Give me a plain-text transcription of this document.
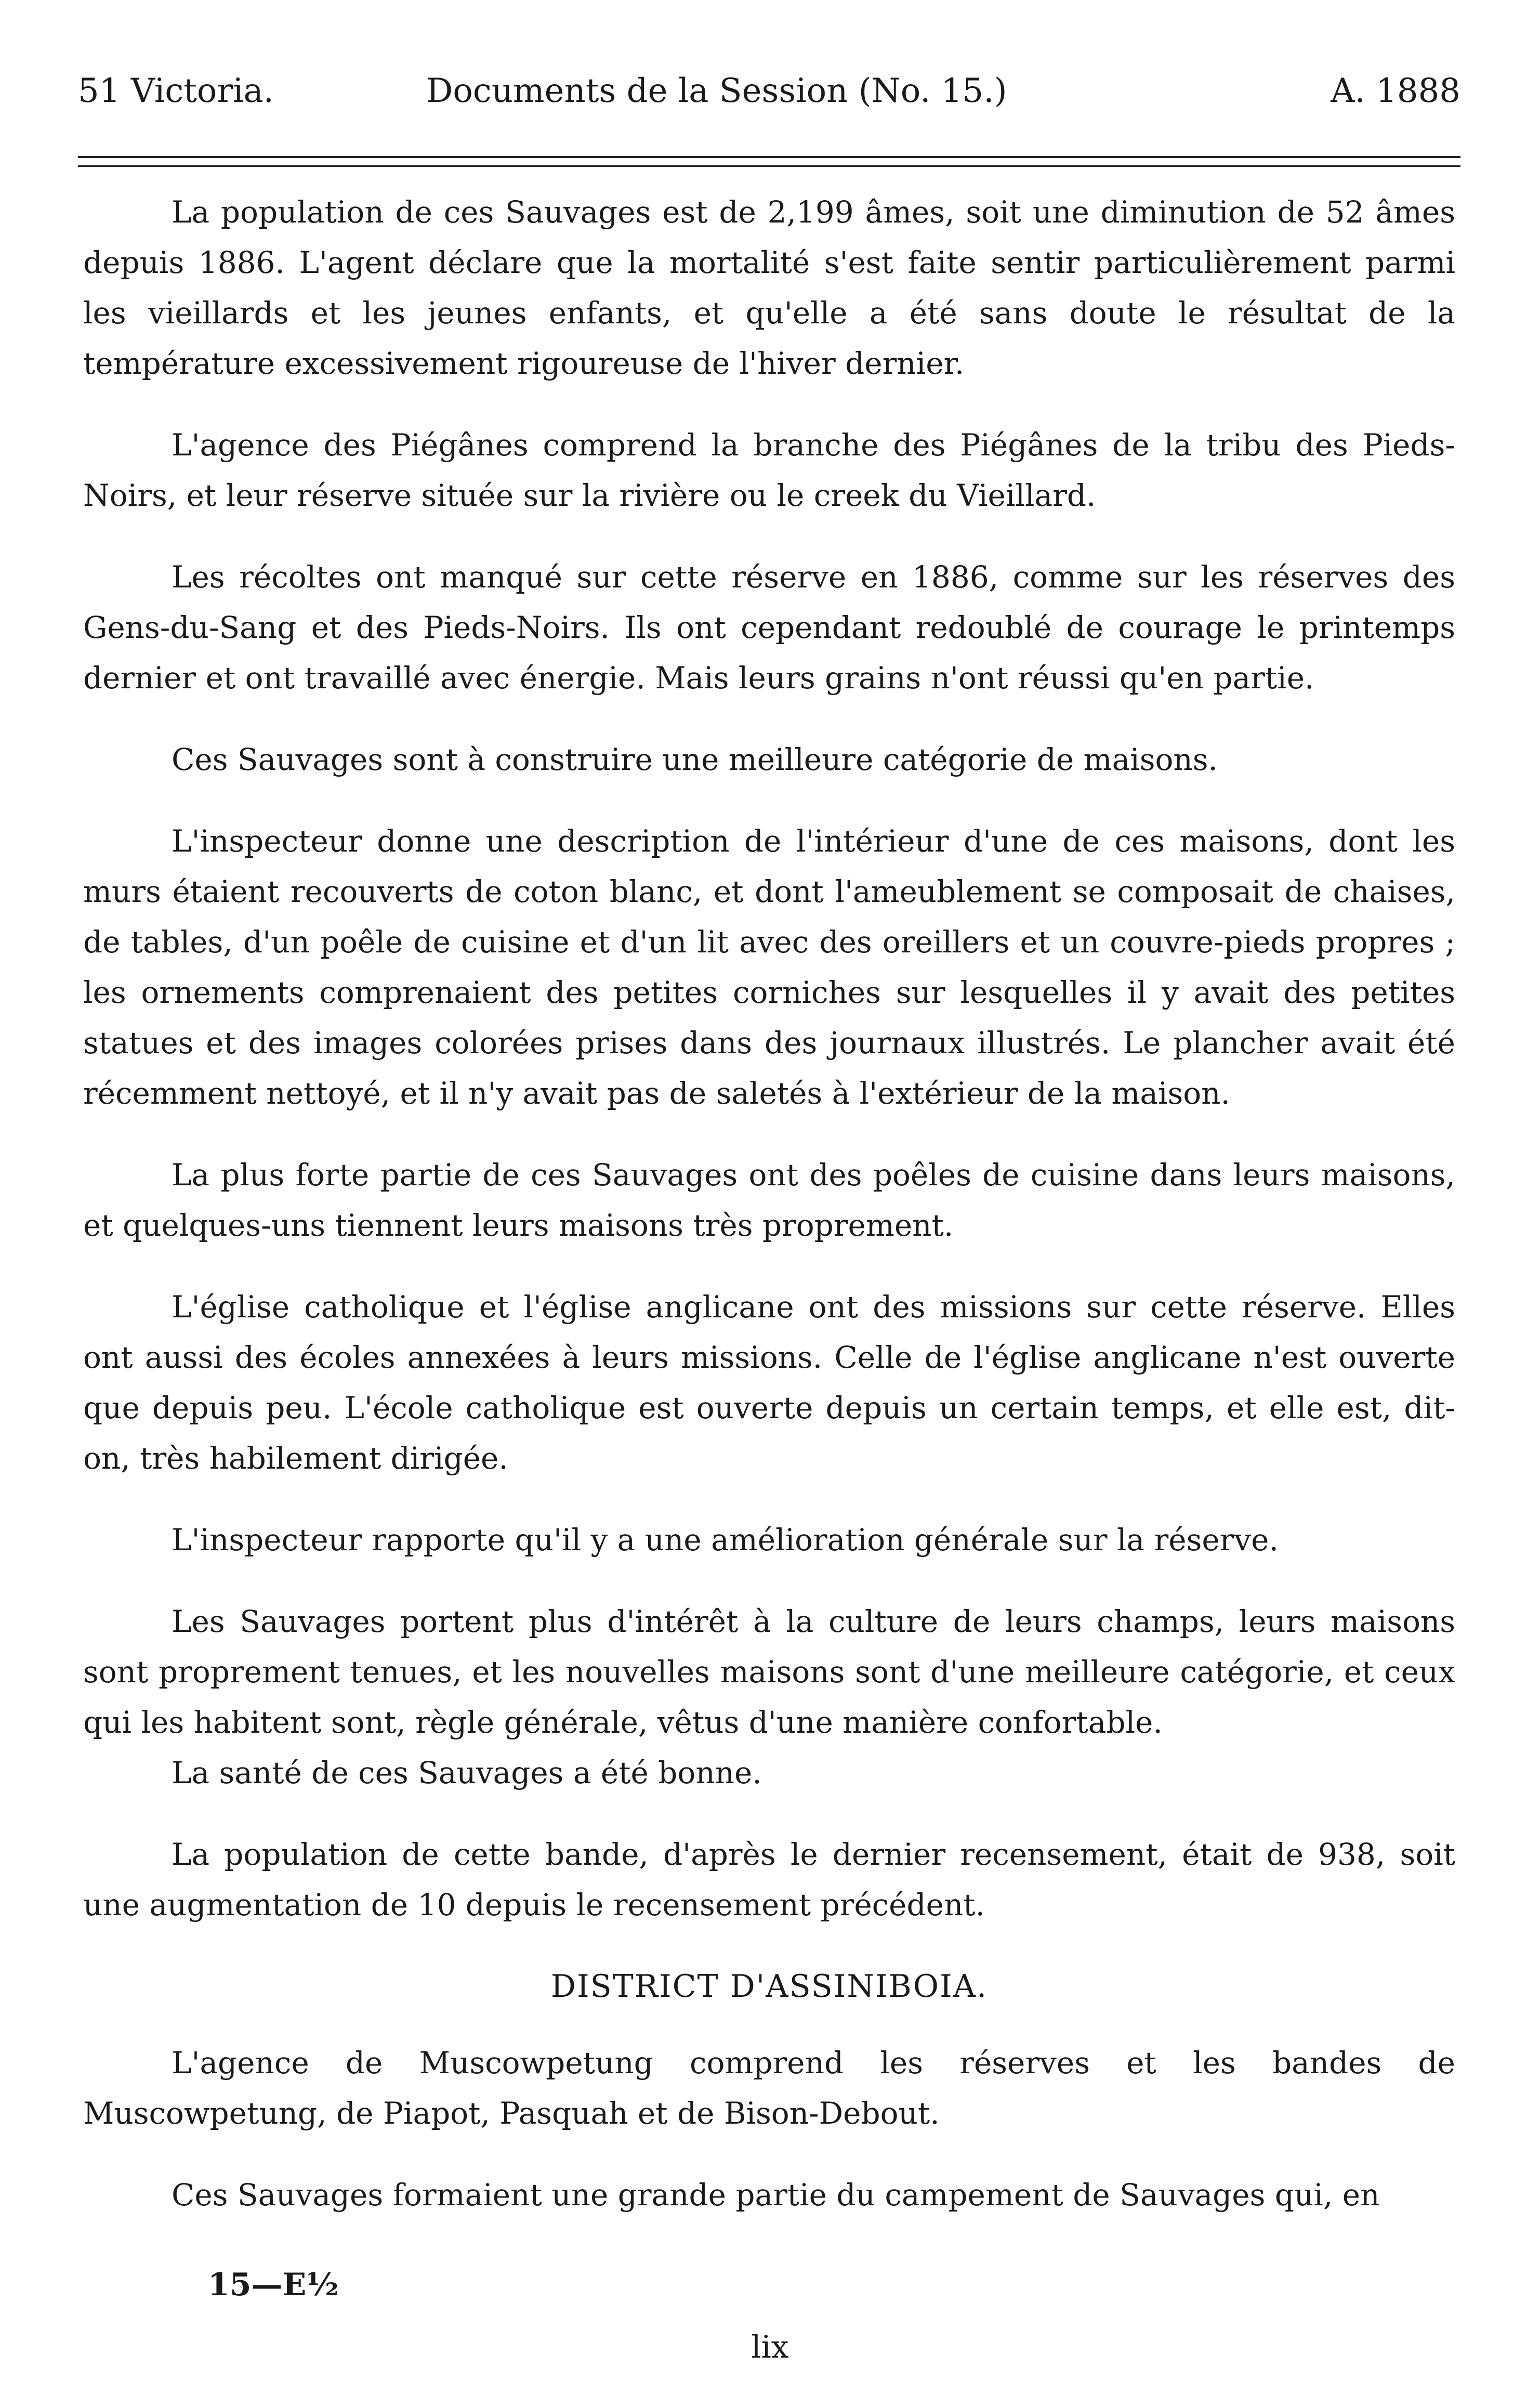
51 Victoria.	Documents de la Session (No. 15.)	A. 1888

La population de ces Sauvages est de 2,199 âmes, soit une diminution de 52 âmes depuis 1886. L'agent déclare que la mortalité s'est faite sentir particulièrement parmi les vieillards et les jeunes enfants, et qu'elle a été sans doute le résultat de la température excessivement rigoureuse de l'hiver dernier.

L'agence des Piégânes comprend la branche des Piégânes de la tribu des Pieds-Noirs, et leur réserve située sur la rivière ou le creek du Vieillard.

Les récoltes ont manqué sur cette réserve en 1886, comme sur les réserves des Gens-du-Sang et des Pieds-Noirs. Ils ont cependant redoublé de courage le printemps dernier et ont travaillé avec énergie. Mais leurs grains n'ont réussi qu'en partie.

Ces Sauvages sont à construire une meilleure catégorie de maisons.

L'inspecteur donne une description de l'intérieur d'une de ces maisons, dont les murs étaient recouverts de coton blanc, et dont l'ameublement se composait de chaises, de tables, d'un poêle de cuisine et d'un lit avec des oreillers et un couvre-pieds propres ; les ornements comprenaient des petites corniches sur lesquelles il y avait des petites statues et des images colorées prises dans des journaux illustrés. Le plancher avait été récemment nettoyé, et il n'y avait pas de saletés à l'extérieur de la maison.

La plus forte partie de ces Sauvages ont des poêles de cuisine dans leurs maisons, et quelques-uns tiennent leurs maisons très proprement.

L'église catholique et l'église anglicane ont des missions sur cette réserve. Elles ont aussi des écoles annexées à leurs missions. Celle de l'église anglicane n'est ouverte que depuis peu. L'école catholique est ouverte depuis un certain temps, et elle est, dit-on, très habilement dirigée.

L'inspecteur rapporte qu'il y a une amélioration générale sur la réserve.

Les Sauvages portent plus d'intérêt à la culture de leurs champs, leurs maisons sont proprement tenues, et les nouvelles maisons sont d'une meilleure catégorie, et ceux qui les habitent sont, règle générale, vêtus d'une manière confortable.

La santé de ces Sauvages a été bonne.

La population de cette bande, d'après le dernier recensement, était de 938, soit une augmentation de 10 depuis le recensement précédent.

DISTRICT D'ASSINIBOIA.

L'agence de Muscowpetung comprend les réserves et les bandes de Muscowpetung, de Piapot, Pasquah et de Bison-Debout.

Ces Sauvages formaient une grande partie du campement de Sauvages qui, en

15—E½
lix
